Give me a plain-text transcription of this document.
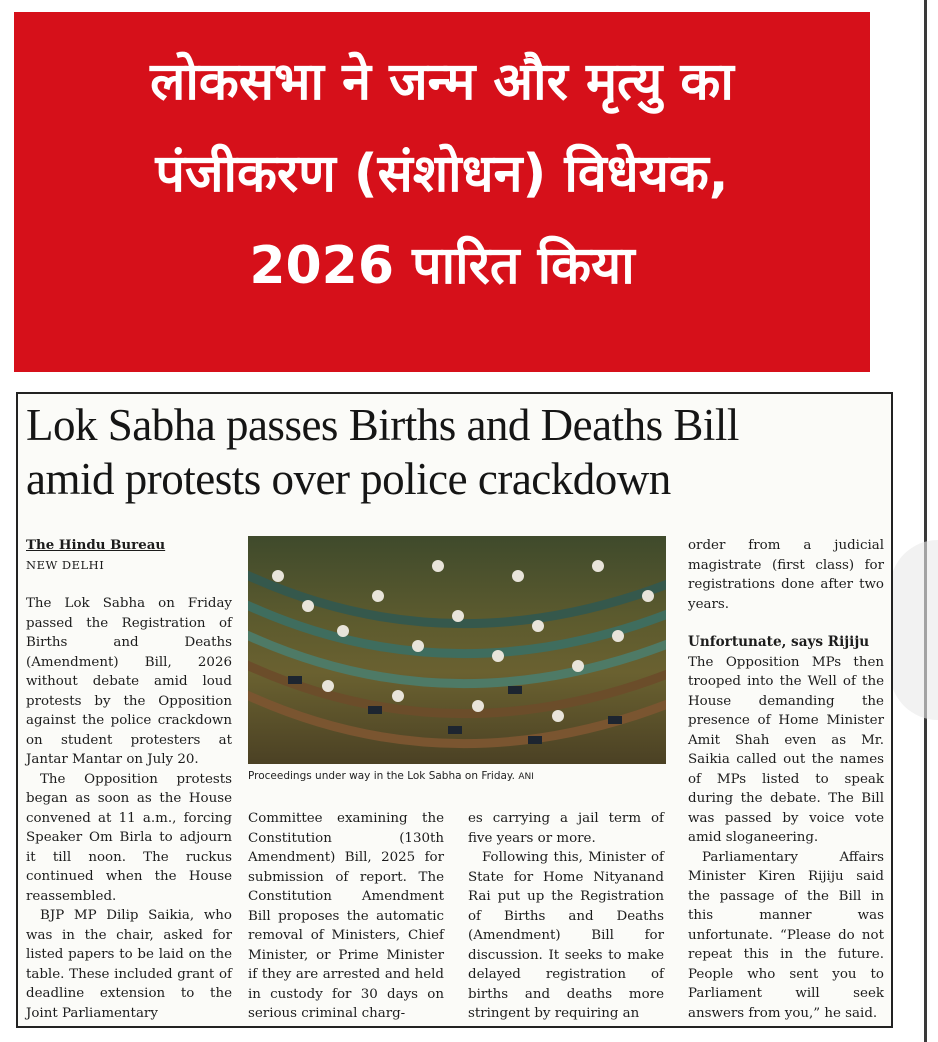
लोकसभा ने जन्म और मृत्यु का
पंजीकरण (संशोधन) विधेयक,
2026 पारित किया
Lok Sabha passes Births and Deaths Bill
amid protests over police crackdown

The Hindu Bureau

NEW DELHI

The Lok Sabha on Friday passed the Registration of Births and Deaths (Amendment) Bill, 2026 without debate amid loud protests by the Opposition against the police crackdown on student protesters at Jantar Mantar on July 20.

The Opposition protests began as soon as the House convened at 11 a.m., forcing Speaker Om Birla to adjourn it till noon. The ruckus continued when the House reassembled.

BJP MP Dilip Saikia, who was in the chair, asked for listed papers to be laid on the table. These included grant of deadline extension to the Joint Parliamentary

Proceedings under way in the Lok Sabha on Friday. ANI

Committee examining the Constitution (130th Amendment) Bill, 2025 for submission of report. The Constitution Amendment Bill proposes the automatic removal of Ministers, Chief Minister, or Prime Minister if they are arrested and held in custody for 30 days on serious criminal charg-

es carrying a jail term of five years or more.

Following this, Minister of State for Home Nityanand Rai put up the Registration of Births and Deaths (Amendment) Bill for discussion. It seeks to make delayed registration of births and deaths more stringent by requiring an

order from a judicial magistrate (first class) for registrations done after two years.

Unfortunate, says Rijiju

The Opposition MPs then trooped into the Well of the House demanding the presence of Home Minister Amit Shah even as Mr. Saikia called out the names of MPs listed to speak during the debate. The Bill was passed by voice vote amid sloganeering.

Parliamentary Affairs Minister Kiren Rijiju said the passage of the Bill in this manner was unfortunate. “Please do not repeat this in the future. People who sent you to Parliament will seek answers from you,” he said.
